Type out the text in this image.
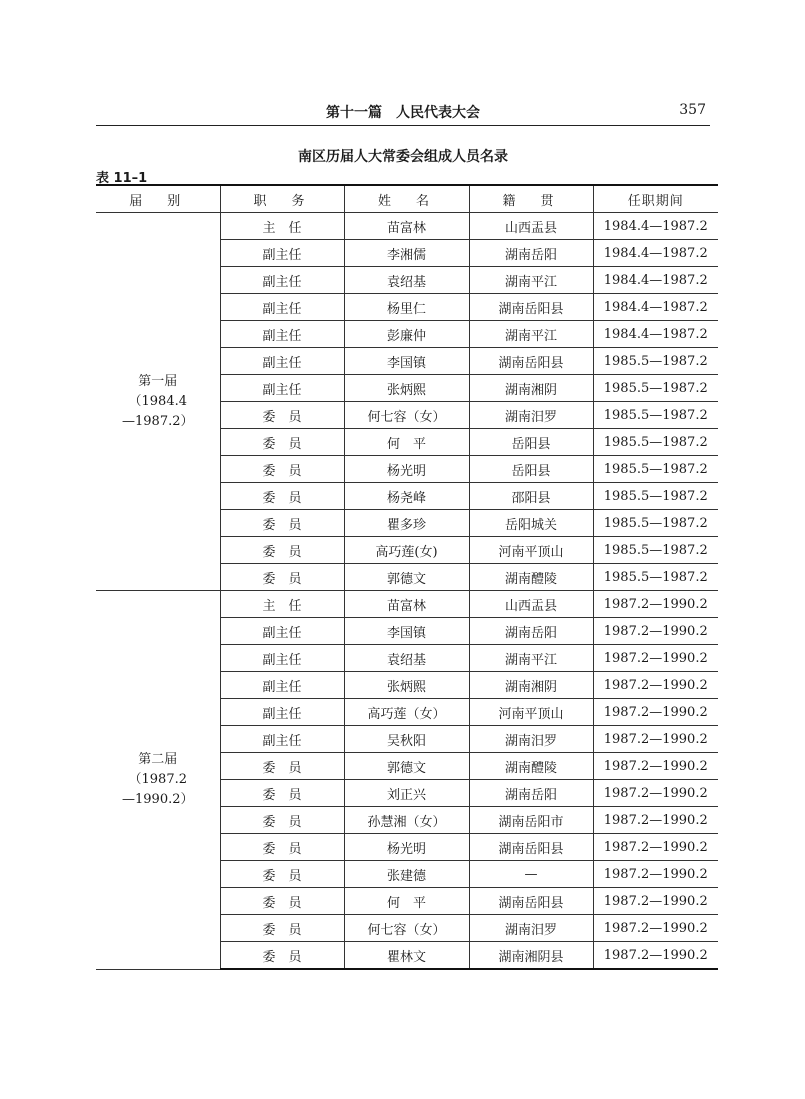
第十一篇　人民代表大会	357
南区历届人大常委会组成人员名录
表 11–1
届　别	职　务	姓　名	籍　贯	任职期间

第一届
（1984.4
—1987.2）	主　任	苗富林	山西盂县	1984.4—1987.2
	副主任	李湘儒	湖南岳阳	1984.4—1987.2
	副主任	袁绍基	湖南平江	1984.4—1987.2
	副主任	杨里仁	湖南岳阳县	1984.4—1987.2
	副主任	彭廉仲	湖南平江	1984.4—1987.2
	副主任	李国镇	湖南岳阳县	1985.5—1987.2
	副主任	张炳熙	湖南湘阴	1985.5—1987.2
	委　员	何七容（女）	湖南汨罗	1985.5—1987.2
	委　员	何　平	岳阳县	1985.5—1987.2
	委　员	杨光明	岳阳县	1985.5—1987.2
	委　员	杨尧峰	邵阳县	1985.5—1987.2
	委　员	瞿多珍	岳阳城关	1985.5—1987.2
	委　员	高巧莲(女)	河南平顶山	1985.5—1987.2
	委　员	郭德文	湖南醴陵	1985.5—1987.2

第二届
（1987.2
—1990.2）	主　任	苗富林	山西盂县	1987.2—1990.2
	副主任	李国镇	湖南岳阳	1987.2—1990.2
	副主任	袁绍基	湖南平江	1987.2—1990.2
	副主任	张炳熙	湖南湘阴	1987.2—1990.2
	副主任	高巧莲（女）	河南平顶山	1987.2—1990.2
	副主任	吴秋阳	湖南汨罗	1987.2—1990.2
	委　员	郭德文	湖南醴陵	1987.2—1990.2
	委　员	刘正兴	湖南岳阳	1987.2—1990.2
	委　员	孙慧湘（女）	湖南岳阳市	1987.2—1990.2
	委　员	杨光明	湖南岳阳县	1987.2—1990.2
	委　员	张建德	—	1987.2—1990.2
	委　员	何　平	湖南岳阳县	1987.2—1990.2
	委　员	何七容（女）	湖南汨罗	1987.2—1990.2
	委　员	瞿林文	湖南湘阴县	1987.2—1990.2
